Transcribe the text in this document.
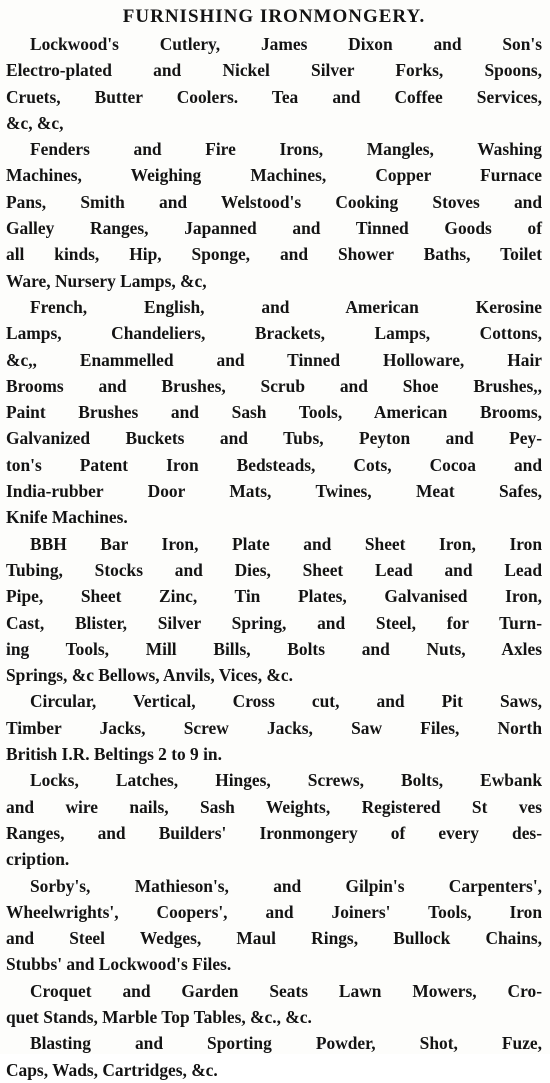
FURNISHING IRONMONGERY.

Lockwood's Cutlery, James Dixon and Son's
Electro-plated and Nickel Silver Forks, Spoons,
Cruets, Butter Coolers. Tea and Coffee Services,
&c, &c,

Fenders and Fire Irons, Mangles, Washing
Machines, Weighing Machines, Copper Furnace
Pans, Smith and Welstood's Cooking Stoves and
Galley Ranges, Japanned and Tinned Goods of
all kinds, Hip, Sponge, and Shower Baths, Toilet
Ware, Nursery Lamps, &c,

French, English, and American Kerosine
Lamps, Chandeliers, Brackets, Lamps, Cottons,
&c,, Enammelled and Tinned Holloware, Hair
Brooms and Brushes, Scrub and Shoe Brushes,,
Paint Brushes and Sash Tools, American Brooms,
Galvanized Buckets and Tubs, Peyton and Pey-
ton's Patent Iron Bedsteads, Cots, Cocoa and
India-rubber Door Mats, Twines, Meat Safes,
Knife Machines.

BBH Bar Iron, Plate and Sheet Iron, Iron
Tubing, Stocks and Dies, Sheet Lead and Lead
Pipe, Sheet Zinc, Tin Plates, Galvanised Iron,
Cast, Blister, Silver Spring, and Steel, for Turn-
ing Tools, Mill Bills, Bolts and Nuts, Axles
Springs, &c Bellows, Anvils, Vices, &c.

Circular, Vertical, Cross cut, and Pit Saws,
Timber Jacks, Screw Jacks, Saw Files, North
British I.R. Beltings 2 to 9 in.

Locks, Latches, Hinges, Screws, Bolts, Ewbank
and wire nails, Sash Weights, Registered St ves
Ranges, and Builders' Ironmongery of every des-
cription.

Sorby's, Mathieson's, and Gilpin's Carpenters',
Wheelwrights', Coopers', and Joiners' Tools, Iron
and Steel Wedges, Maul Rings, Bullock Chains,
Stubbs' and Lockwood's Files.

Croquet and Garden Seats Lawn Mowers, Cro-
quet Stands, Marble Top Tables, &c., &c.

Blasting and Sporting Powder, Shot, Fuze,
Caps, Wads, Cartridges, &c.
